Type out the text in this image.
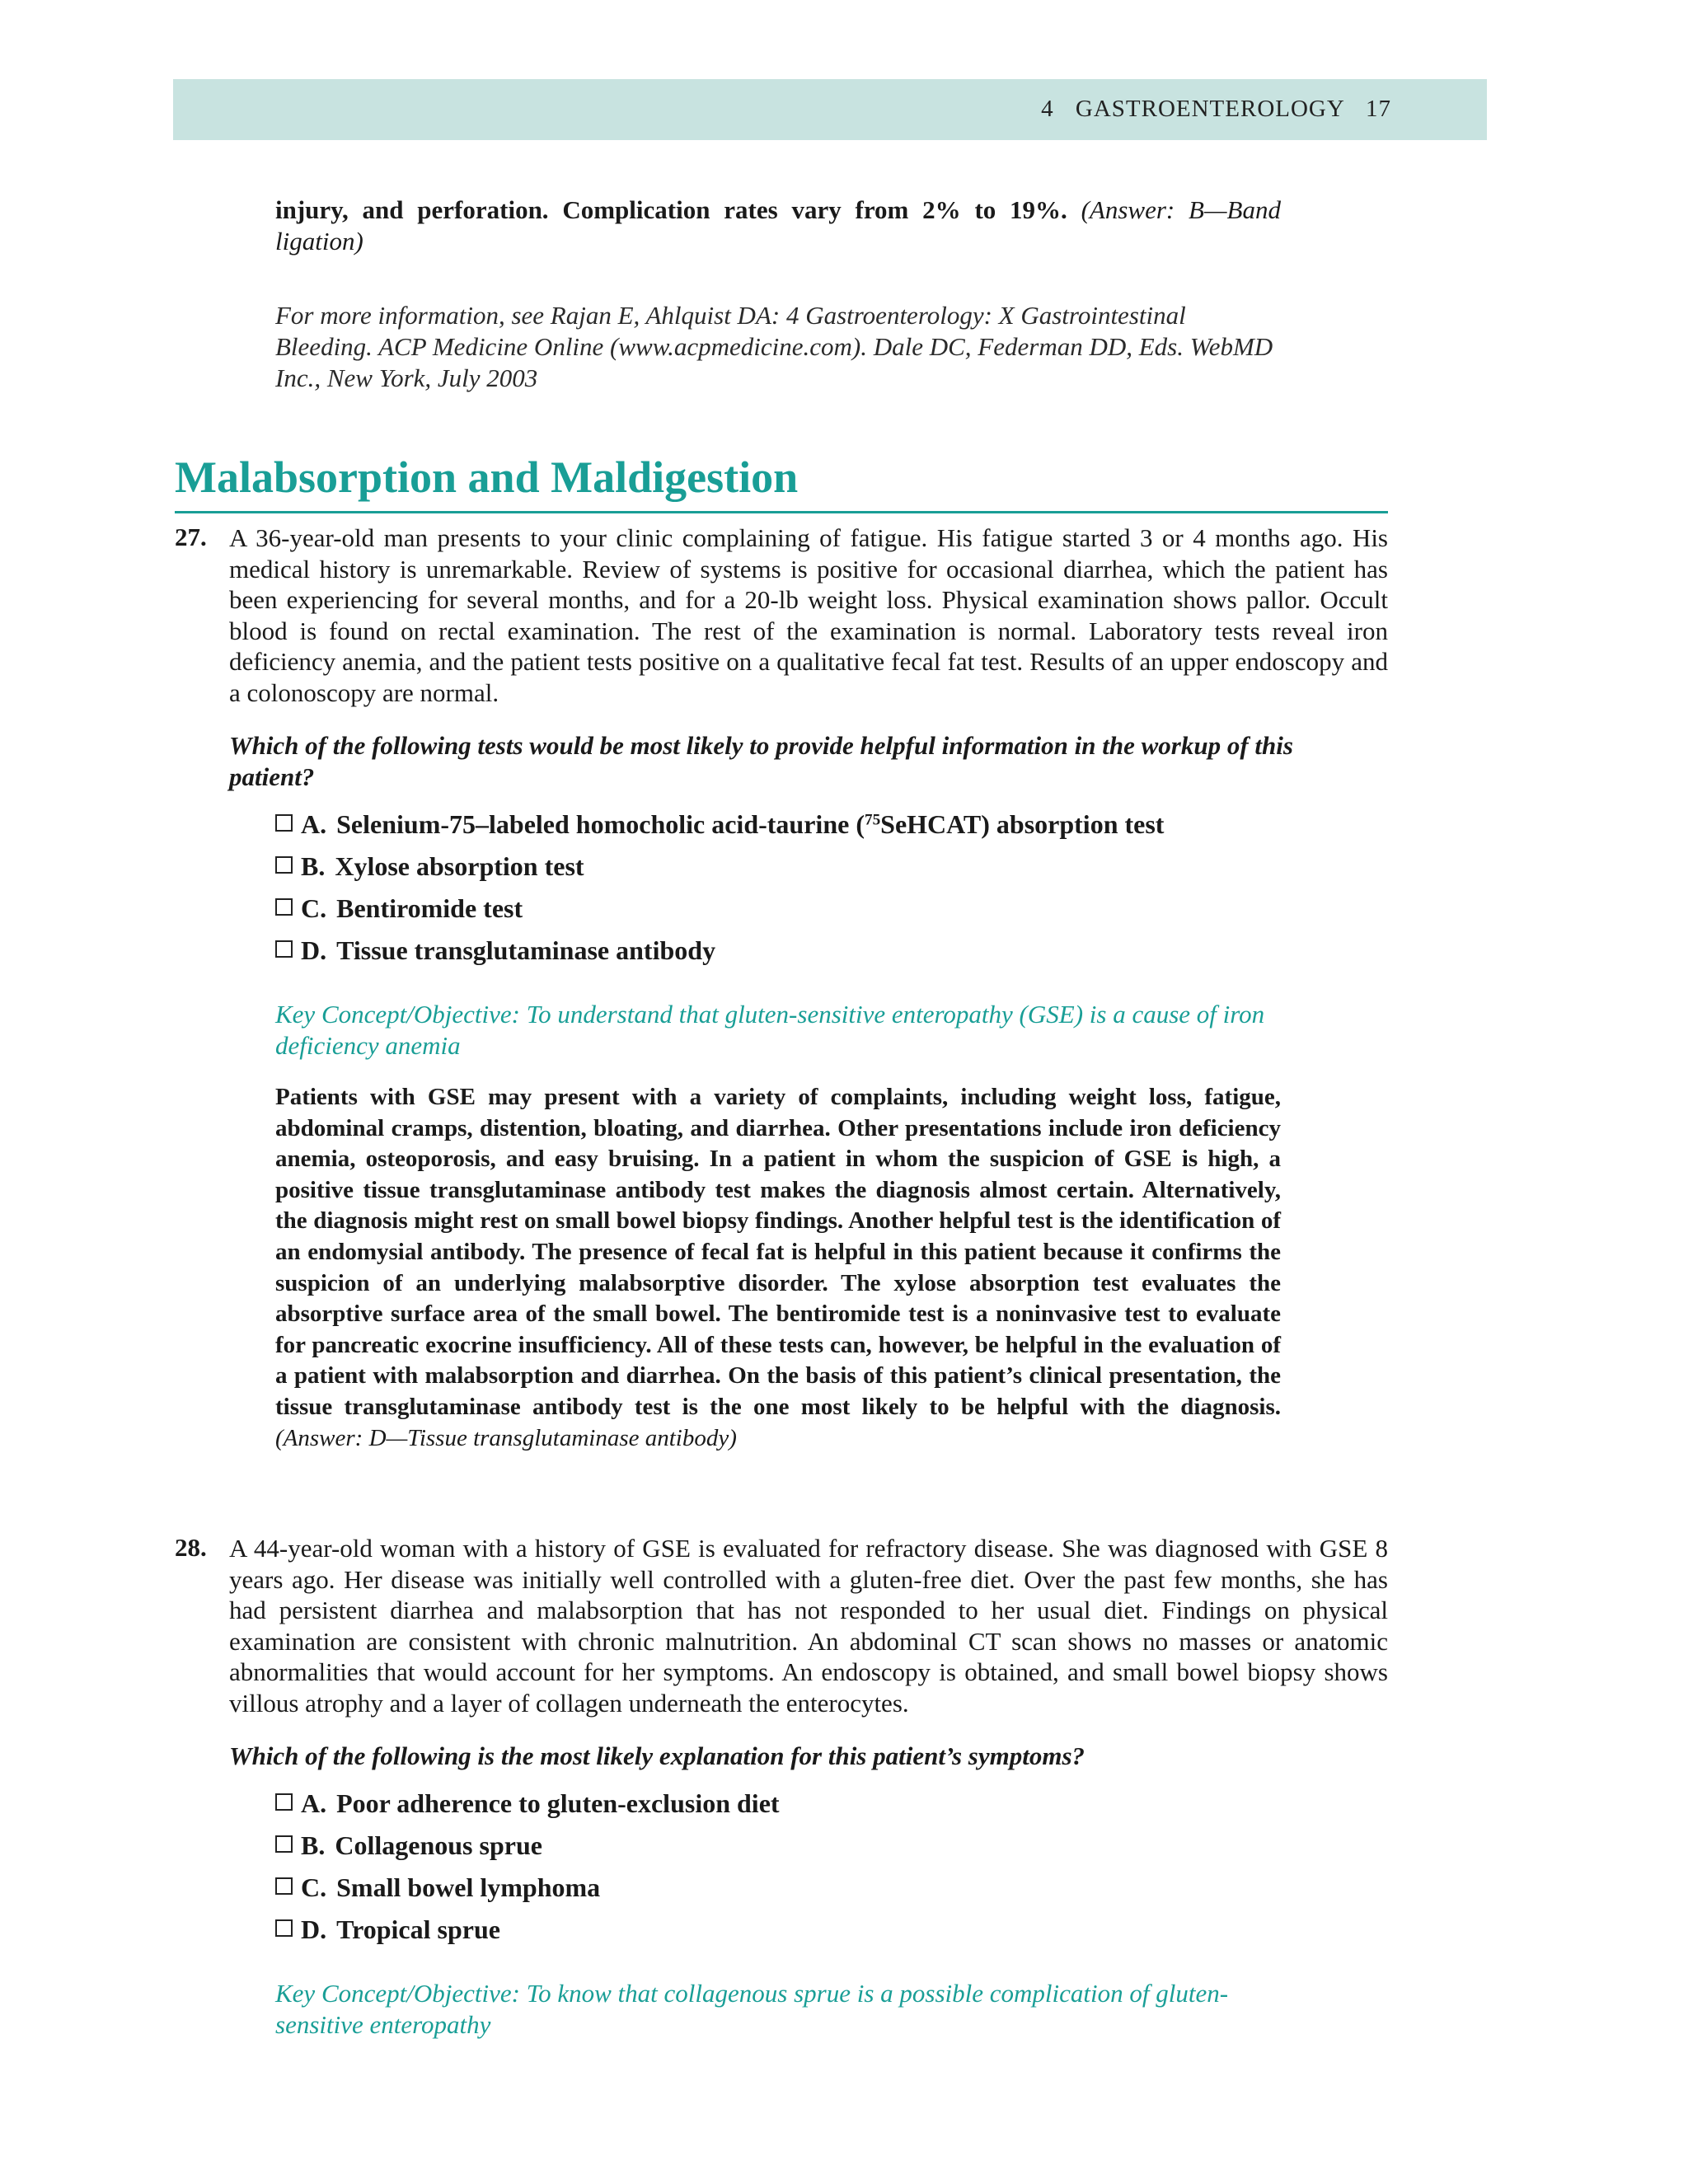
4 GASTROENTEROLOGY 17
injury, and perforation. Complication rates vary from 2% to 19%. (Answer: B—Band ligation)
For more information, see Rajan E, Ahlquist DA: 4 Gastroenterology: X Gastrointestinal Bleeding. ACP Medicine Online (www.acpmedicine.com). Dale DC, Federman DD, Eds. WebMD Inc., New York, July 2003
Malabsorption and Maldigestion
27. A 36-year-old man presents to your clinic complaining of fatigue. His fatigue started 3 or 4 months ago. His medical history is unremarkable. Review of systems is positive for occasional diarrhea, which the patient has been experiencing for several months, and for a 20-lb weight loss. Physical examination shows pallor. Occult blood is found on rectal examination. The rest of the examination is normal. Laboratory tests reveal iron deficiency anemia, and the patient tests positive on a qualitative fecal fat test. Results of an upper endoscopy and a colonoscopy are normal.
Which of the following tests would be most likely to provide helpful information in the workup of this patient?
A. Selenium-75–labeled homocholic acid-taurine ($^{75}$SeHCAT) absorption test
B. Xylose absorption test
C. Bentiromide test
D. Tissue transglutaminase antibody
Key Concept/Objective: To understand that gluten-sensitive enteropathy (GSE) is a cause of iron deficiency anemia
Patients with GSE may present with a variety of complaints, including weight loss, fatigue, abdominal cramps, distention, bloating, and diarrhea. Other presentations include iron deficiency anemia, osteoporosis, and easy bruising. In a patient in whom the suspicion of GSE is high, a positive tissue transglutaminase antibody test makes the diagnosis almost certain. Alternatively, the diagnosis might rest on small bowel biopsy findings. Another helpful test is the identification of an endomysial antibody. The presence of fecal fat is helpful in this patient because it confirms the suspicion of an underlying malabsorptive disorder. The xylose absorption test evaluates the absorptive surface area of the small bowel. The bentiromide test is a noninvasive test to evaluate for pancreatic exocrine insufficiency. All of these tests can, however, be helpful in the evaluation of a patient with malabsorption and diarrhea. On the basis of this patient’s clinical presentation, the tissue transglutaminase antibody test is the one most likely to be helpful with the diagnosis. (Answer: D—Tissue transglutaminase antibody)
28. A 44-year-old woman with a history of GSE is evaluated for refractory disease. She was diagnosed with GSE 8 years ago. Her disease was initially well controlled with a gluten-free diet. Over the past few months, she has had persistent diarrhea and malabsorption that has not responded to her usual diet. Findings on physical examination are consistent with chronic malnutrition. An abdominal CT scan shows no masses or anatomic abnormalities that would account for her symptoms. An endoscopy is obtained, and small bowel biopsy shows villous atrophy and a layer of collagen underneath the enterocytes.
Which of the following is the most likely explanation for this patient’s symptoms?
A. Poor adherence to gluten-exclusion diet
B. Collagenous sprue
C. Small bowel lymphoma
D. Tropical sprue
Key Concept/Objective: To know that collagenous sprue is a possible complication of gluten-sensitive enteropathy
